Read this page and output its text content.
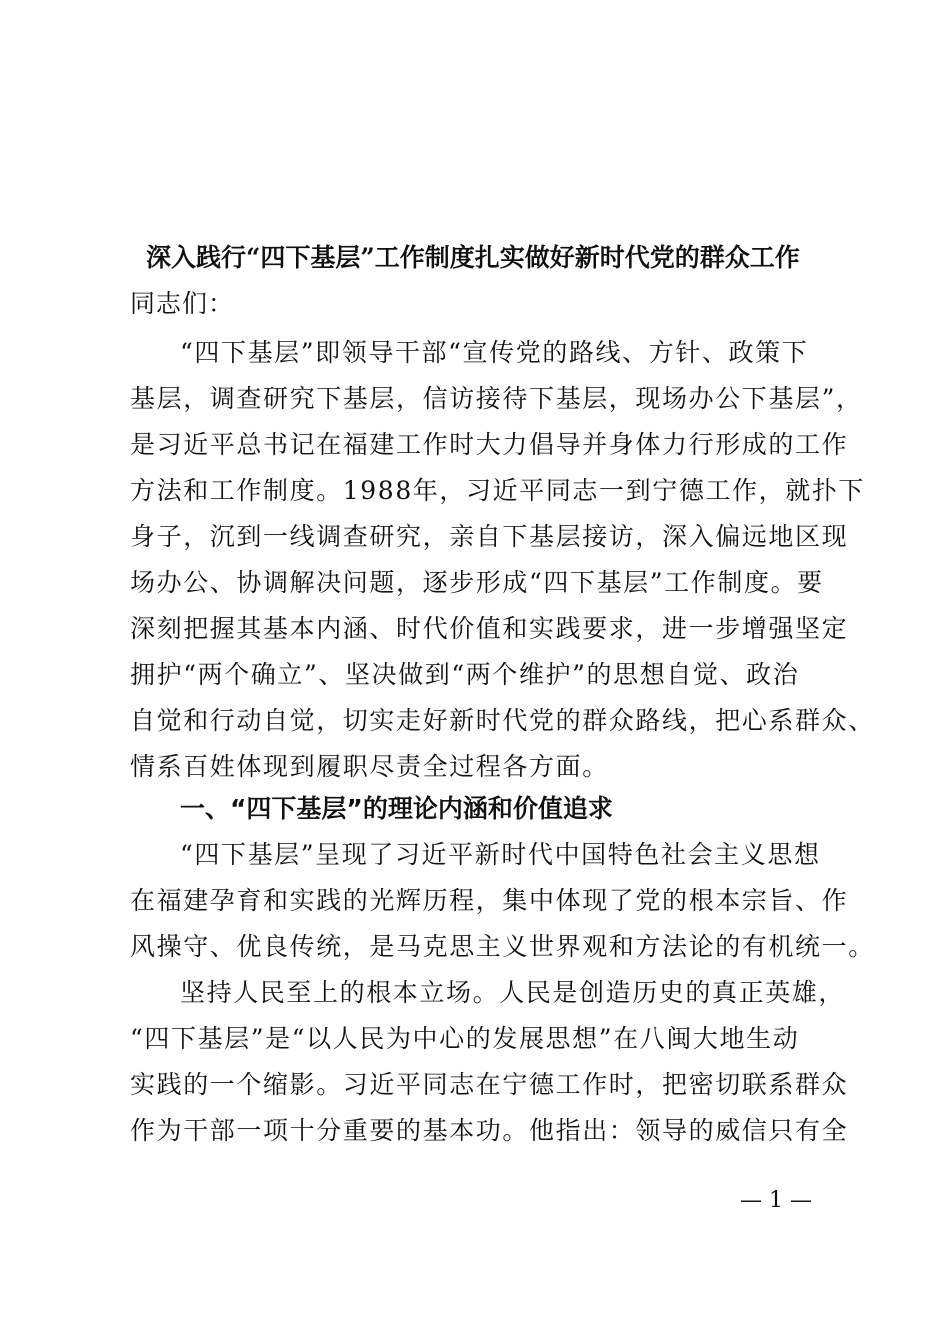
深入践行“四下基层”工作制度扎实做好新时代党的群众工作
同志们：
“四下基层”即领导干部“宣传党的路线、方针、政策下
基层，调查研究下基层，信访接待下基层，现场办公下基层”，
是习近平总书记在福建工作时大力倡导并身体力行形成的工作
方法和工作制度。1988年，习近平同志一到宁德工作，就扑下
身子，沉到一线调查研究，亲自下基层接访，深入偏远地区现
场办公、协调解决问题，逐步形成“四下基层”工作制度。要
深刻把握其基本内涵、时代价值和实践要求，进一步增强坚定
拥护“两个确立”、坚决做到“两个维护”的思想自觉、政治
自觉和行动自觉，切实走好新时代党的群众路线，把心系群众、
情系百姓体现到履职尽责全过程各方面。
一、“四下基层”的理论内涵和价值追求
“四下基层”呈现了习近平新时代中国特色社会主义思想
在福建孕育和实践的光辉历程，集中体现了党的根本宗旨、作
风操守、优良传统，是马克思主义世界观和方法论的有机统一。
坚持人民至上的根本立场。人民是创造历史的真正英雄，
“四下基层”是“以人民为中心的发展思想”在八闽大地生动
实践的一个缩影。习近平同志在宁德工作时，把密切联系群众
作为干部一项十分重要的基本功。他指出：领导的威信只有全
— 1 —
